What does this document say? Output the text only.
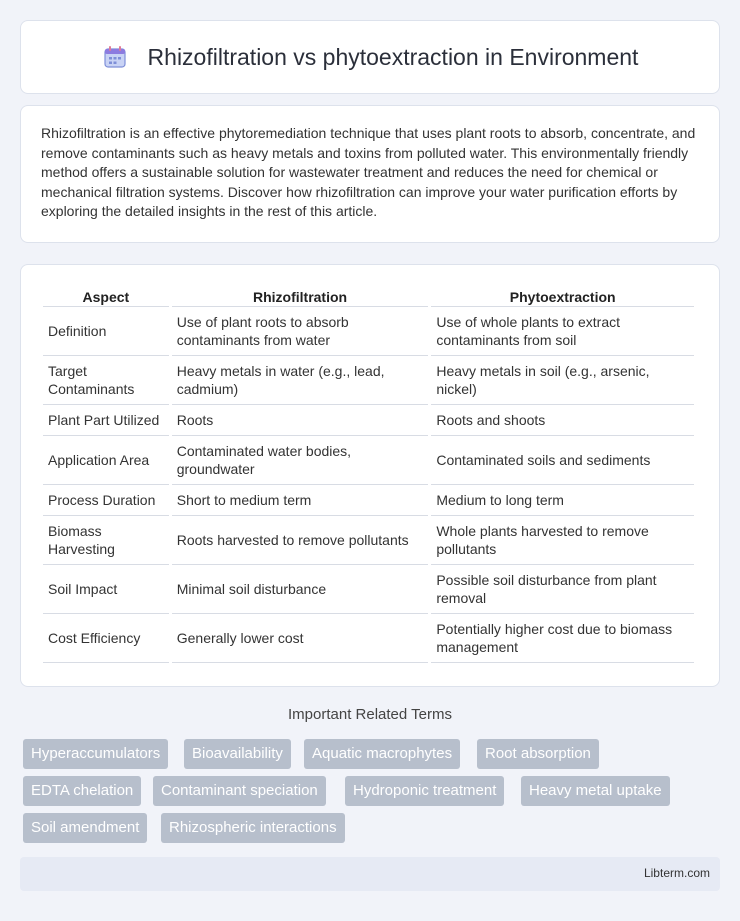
Rhizofiltration vs phytoextraction in Environment

Rhizofiltration is an effective phytoremediation technique that uses plant roots to absorb, concentrate, and remove contaminants such as heavy metals and toxins from polluted water. This environmentally friendly method offers a sustainable solution for wastewater treatment and reduces the need for chemical or mechanical filtration systems. Discover how rhizofiltration can improve your water purification efforts by exploring the detailed insights in the rest of this article.

Aspect	Rhizofiltration	Phytoextraction
Definition	Use of plant roots to absorb contaminants from water	Use of whole plants to extract contaminants from soil
Target Contaminants	Heavy metals in water (e.g., lead, cadmium)	Heavy metals in soil (e.g., arsenic, nickel)
Plant Part Utilized	Roots	Roots and shoots
Application Area	Contaminated water bodies, groundwater	Contaminated soils and sediments
Process Duration	Short to medium term	Medium to long term
Biomass Harvesting	Roots harvested to remove pollutants	Whole plants harvested to remove pollutants
Soil Impact	Minimal soil disturbance	Possible soil disturbance from plant removal
Cost Efficiency	Generally lower cost	Potentially higher cost due to biomass management
Important Related Terms
Hyperaccumulators	Bioavailability	Aquatic macrophytes	Root absorption
EDTA chelation	Contaminant speciation	Hydroponic treatment	Heavy metal uptake
Soil amendment	Rhizospheric interactions
Libterm.com
